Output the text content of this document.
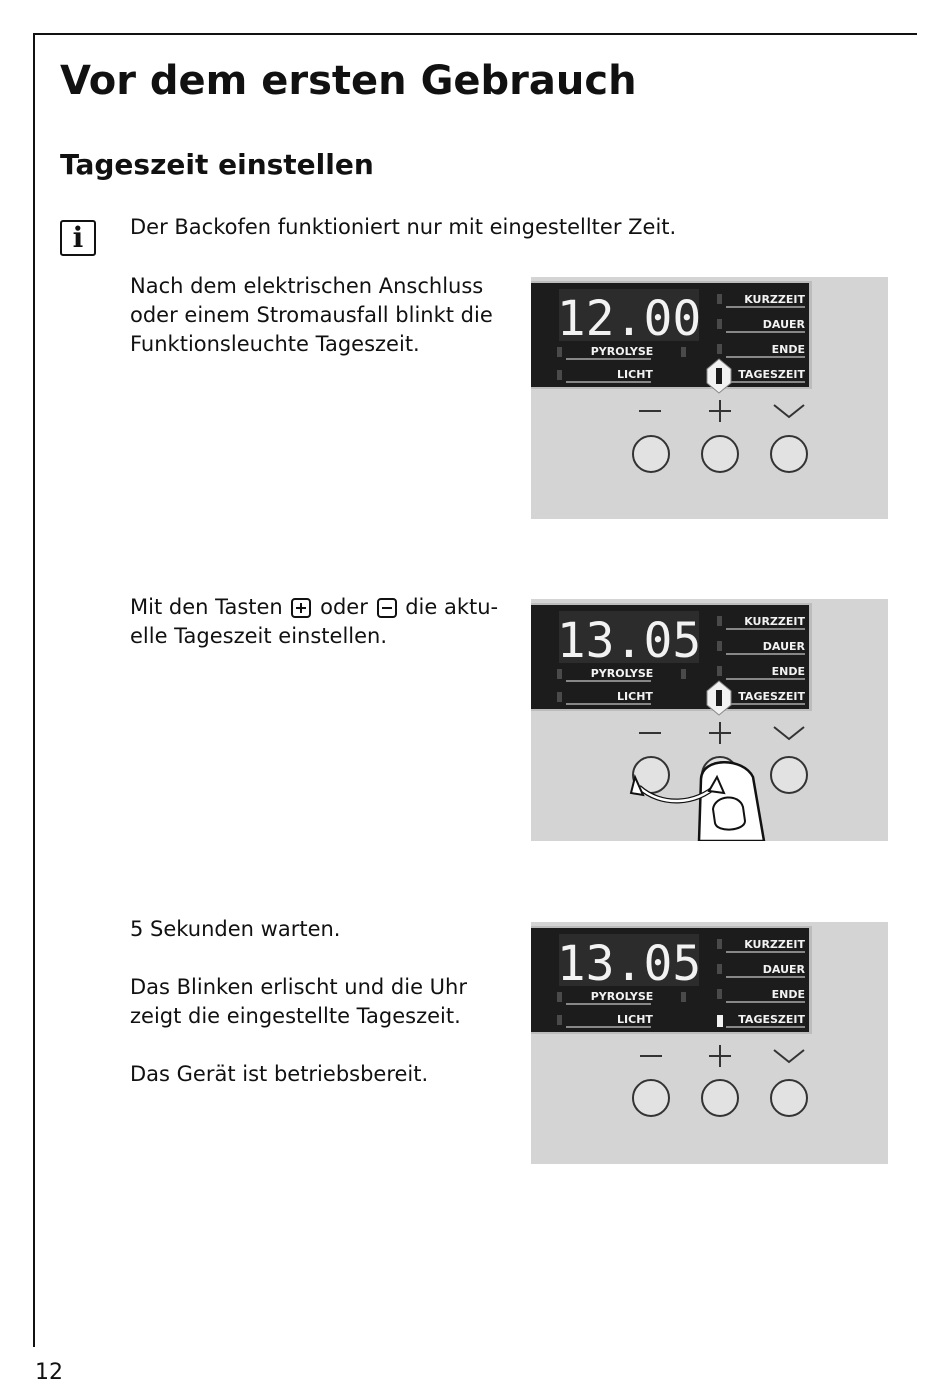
Vor dem ersten Gebrauch
Tageszeit einstellen
i	Der Backofen funktioniert nur mit eingestellter Zeit.

Nach dem elektrischen Anschluss oder einem Stromausfall blinkt die Funktionsleuchte Tageszeit.

Mit den Tasten oder die aktu-
elle Tageszeit einstellen.

5 Sekunden warten.

Das Blinken erlischt und die Uhr zeigt die eingestellte Tageszeit.

Das Gerät ist betriebsbereit.

12.00	KURZZEIT
DAUER
ENDE
TAGESZEIT
PYROLYSE
LICHT
13.05	KURZZEIT
DAUER
ENDE
TAGESZEIT
PYROLYSE
LICHT
13.05	KURZZEIT
DAUER
ENDE
TAGESZEIT
PYROLYSE
LICHT
12
